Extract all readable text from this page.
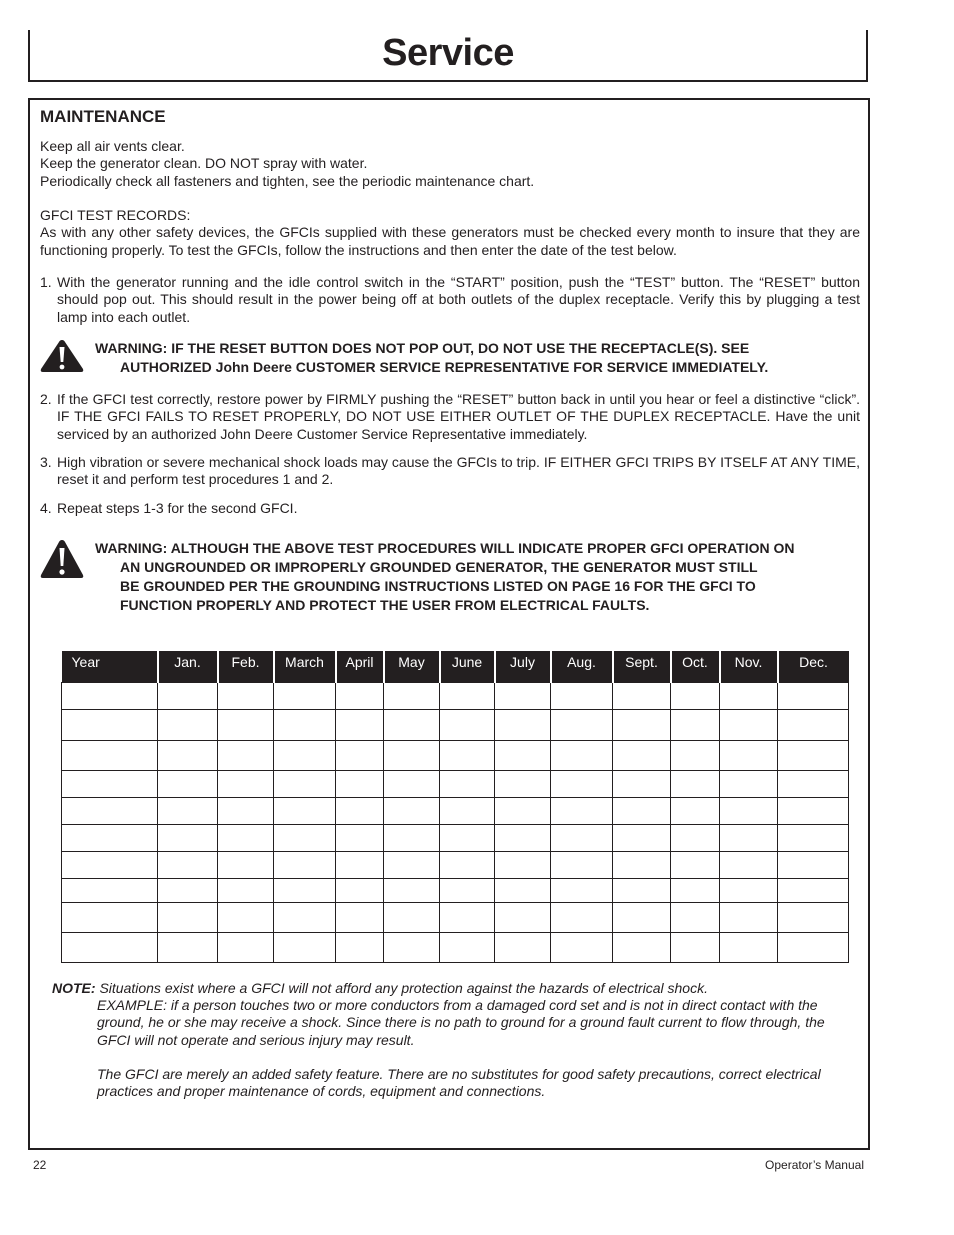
Service
MAINTENANCE
Keep all air vents clear.
Keep the generator clean. DO NOT spray with water.
Periodically check all fasteners and tighten, see the periodic maintenance chart.
GFCI TEST RECORDS:
As with any other safety devices, the GFCIs supplied with these generators must be checked every month to insure that they are functioning properly. To test the GFCIs, follow the instructions and then enter the date of the test below.

1. With the generator running and the idle control switch in the “START” position, push the “TEST” button. The “RESET” button should pop out. This should result in the power being off at both outlets of the duplex receptacle. Verify this by plugging a test lamp into each outlet.

WARNING: IF THE RESET BUTTON DOES NOT POP OUT, DO NOT USE THE RECEPTACLE(S). SEE
AUTHORIZED John Deere CUSTOMER SERVICE REPRESENTATIVE FOR SERVICE IMMEDIATELY.

2. If the GFCI test correctly, restore power by FIRMLY pushing the “RESET” button back in until you hear or feel a distinctive “click”. IF THE GFCI FAILS TO RESET PROPERLY, DO NOT USE EITHER OUTLET OF THE DUPLEX RECEPTACLE. Have the unit serviced by an authorized John Deere Customer Service Representative immediately.

3. High vibration or severe mechanical shock loads may cause the GFCIs to trip. IF EITHER GFCI TRIPS BY ITSELF AT ANY TIME, reset it and perform test procedures 1 and 2.

4. Repeat steps 1-3 for the second GFCI.

WARNING: ALTHOUGH THE ABOVE TEST PROCEDURES WILL INDICATE PROPER GFCI OPERATION ON
AN UNGROUNDED OR IMPROPERLY GROUNDED GENERATOR, THE GENERATOR MUST STILL
BE GROUNDED PER THE GROUNDING INSTRUCTIONS LISTED ON PAGE 16 FOR THE GFCI TO
FUNCTION PROPERLY AND PROTECT THE USER FROM ELECTRICAL FAULTS.

Year	Jan.	Feb.	March	April	May	June	July	Aug.	Sept.	Oct.	Nov.	Dec.

NOTE: Situations exist where a GFCI will not afford any protection against the hazards of electrical shock.

EXAMPLE: if a person touches two or more conductors from a damaged cord set and is not in direct contact with the ground, he or she may receive a shock. Since there is no path to ground for a ground fault current to flow through, the GFCI will not operate and serious injury may result.

The GFCI are merely an added safety feature. There are no substitutes for good safety precautions, correct electrical practices and proper maintenance of cords, equipment and connections.

22	Operator’s Manual
